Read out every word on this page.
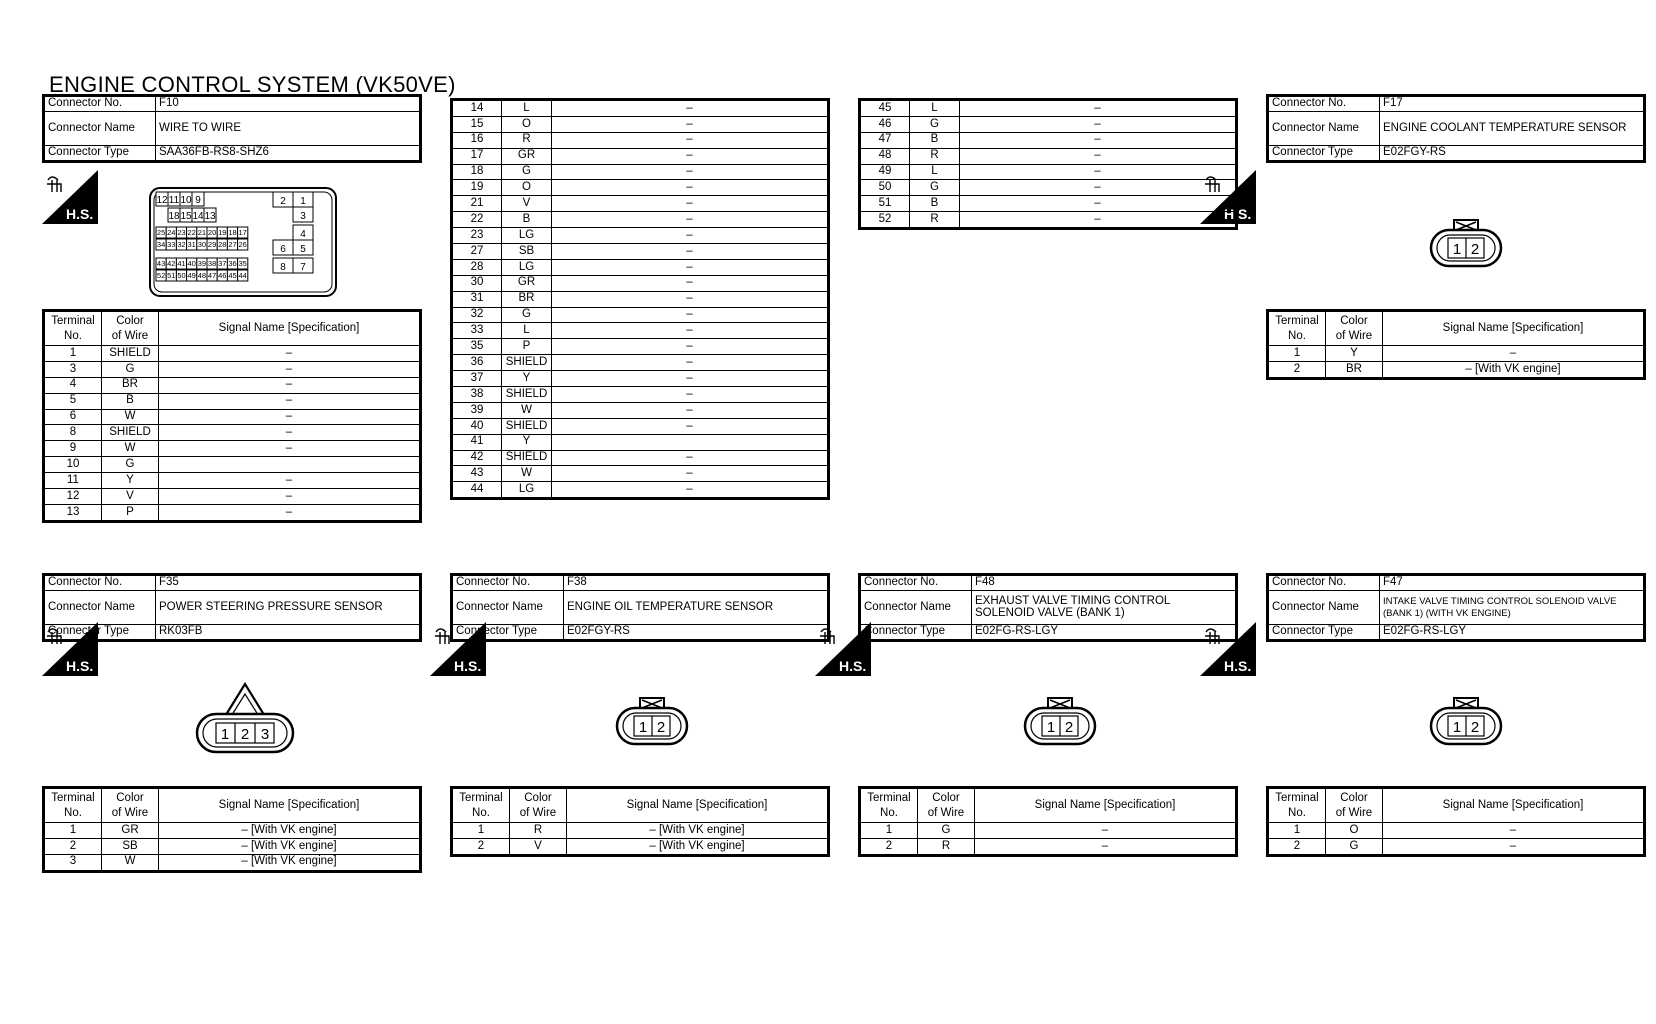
ENGINE CONTROL SYSTEM (VK50VE)
Connector No.	F10
Connector Name	WIRE TO WIRE
Connector Type	SAA36FB-RS8-SHZ6
H.S.	H.S.
H.S.	H.S.	H.S.	H.S.
12 11 10 9
18 15 14 13
25 24 23 22 21 20 19 18 17
34 33 32 31 30 29 28 27 26
43 42 41 40 39 38 37 36 35
52 51 50 49 48 47 46 45 44
2 1
3
4
6 5
8 7
1 2
1 2	1 2	1 2
1 2 3
Terminal
No.	Color
of Wire	Signal Name [Specification]
1	SHIELD	–
3	G	–
4	BR	–
5	B	–
6	W	–
8	SHIELD	–
9	W	–
10	G	
11	Y	–
12	V	–
13	P	–
14	L	–
15	O	–
16	R	–
17	GR	–
18	G	–
19	O	–
21	V	–
22	B	–
23	LG	–
27	SB	–
28	LG	–
30	GR	–
31	BR	–
32	G	–
33	L	–
35	P	–
36	SHIELD	–
37	Y	–
38	SHIELD	–
39	W	–
40	SHIELD	–
41	Y	
42	SHIELD	–
43	W	–
44	LG	–
45	L	–
46	G	–
47	B	–
48	R	–
49	L	–
50	G	–
51	B	–
52	R	–
Connector No.	F17
Connector Name	ENGINE COOLANT TEMPERATURE SENSOR
Connector Type	E02FGY-RS
Terminal
No.	Color
of Wire	Signal Name [Specification]
1	Y	–
2	BR	– [With VK engine]
Connector No.	F35
Connector Name	POWER STEERING PRESSURE SENSOR
Connector Type	RK03FB
Connector No.	F38
Connector Name	ENGINE OIL TEMPERATURE SENSOR
Connector Type	E02FGY-RS
Connector No.	F48
Connector Name	EXHAUST VALVE TIMING CONTROL SOLENOID VALVE (BANK 1)
Connector Type	E02FG-RS-LGY
Connector No.	F47
Connector Name	INTAKE VALVE TIMING CONTROL SOLENOID VALVE (BANK 1) (WITH VK ENGINE)
Connector Type	E02FG-RS-LGY
Terminal
No.	Color
of Wire	Signal Name [Specification]
1	GR	– [With VK engine]
2	SB	– [With VK engine]
3	W	– [With VK engine]
Terminal
No.	Color
of Wire	Signal Name [Specification]
1	R	– [With VK engine]
2	V	– [With VK engine]
Terminal
No.	Color
of Wire	Signal Name [Specification]
1	G	–
2	R	–
Terminal
No.	Color
of Wire	Signal Name [Specification]
1	O	–
2	G	–
